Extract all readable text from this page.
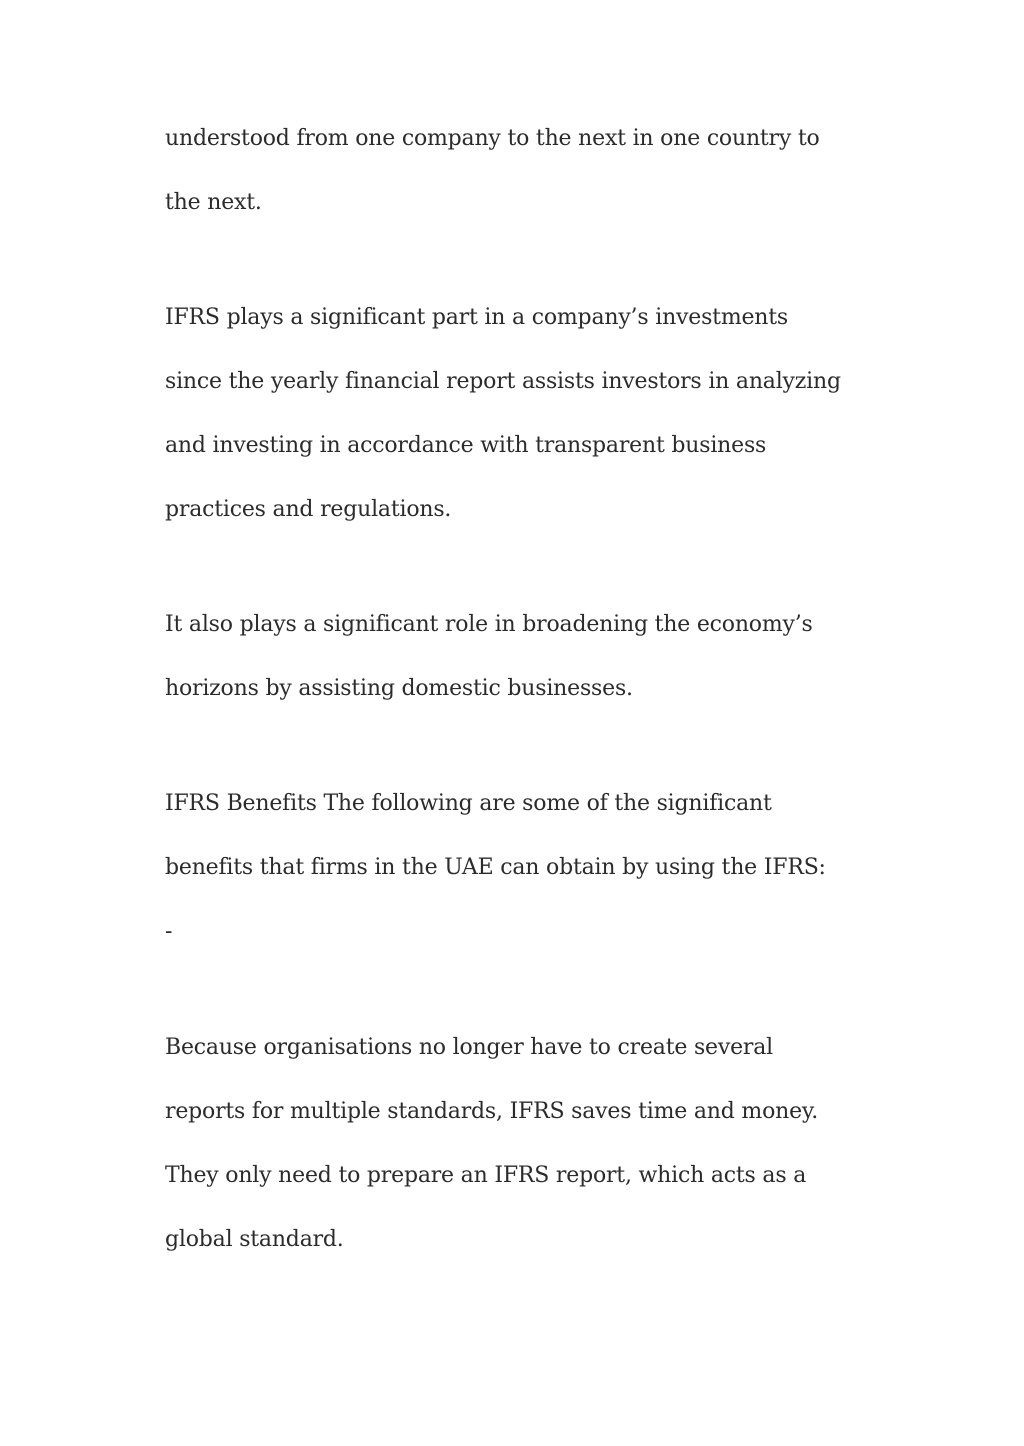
understood from one company to the next in one country to
the next.
IFRS plays a significant part in a company’s investments
since the yearly financial report assists investors in analyzing
and investing in accordance with transparent business
practices and regulations.
It also plays a significant role in broadening the economy’s
horizons by assisting domestic businesses.
IFRS Benefits The following are some of the significant
benefits that firms in the UAE can obtain by using the IFRS:
-
Because organisations no longer have to create several
reports for multiple standards, IFRS saves time and money.
They only need to prepare an IFRS report, which acts as a
global standard.
